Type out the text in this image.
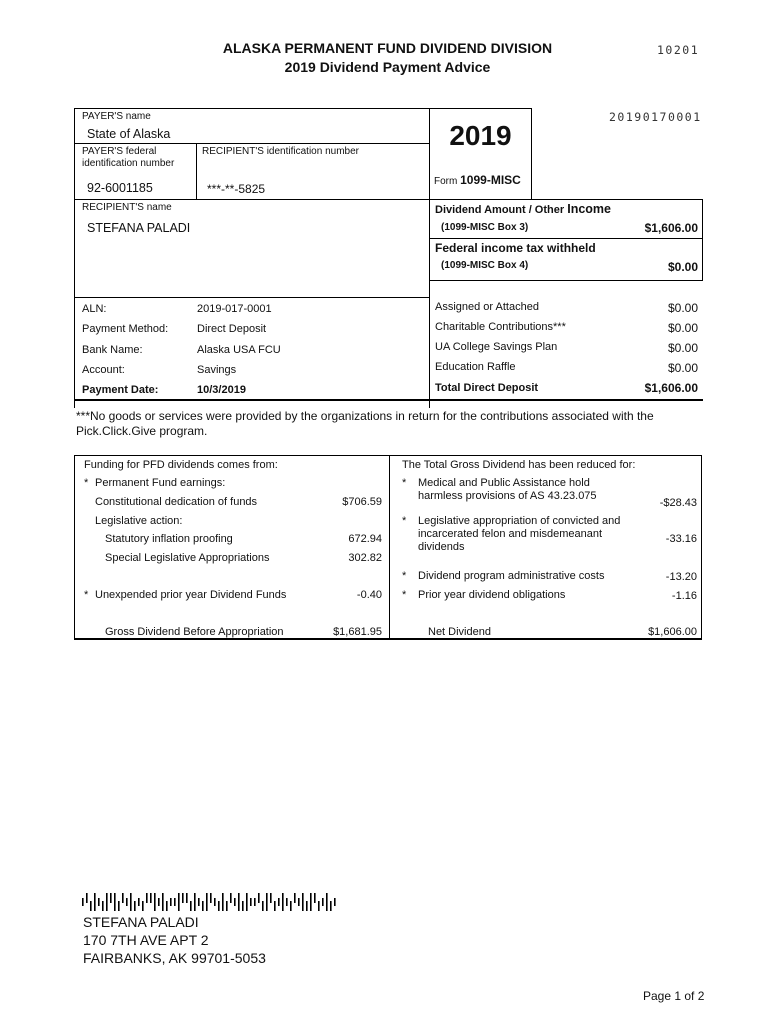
ALASKA PERMANENT FUND DIVIDEND DIVISION
2019 Dividend Payment Advice
10201
20190170001
PAYER'S name
State of Alaska
PAYER'S federal
identification number
92-6001185
RECIPIENT'S identification number
***-**-5825
2019
Form 1099-MISC
RECIPIENT'S name
STEFANA PALADI
Dividend Amount / Other Income
(1099-MISC Box 3)	$1,606.00
Federal income tax withheld
(1099-MISC Box 4)	$0.00
ALN:	2019-017-0001
Payment Method:	Direct Deposit
Bank Name:	Alaska USA FCU
Account:	Savings
Payment Date:	10/3/2019
Assigned or Attached	$0.00
Charitable Contributions***	$0.00
UA College Savings Plan	$0.00
Education Raffle	$0.00
Total Direct Deposit	$1,606.00
***No goods or services were provided by the organizations in return for the contributions associated with the
Pick.Click.Give program.
Funding for PFD dividends comes from:
* Permanent Fund earnings:
Constitutional dedication of funds	$706.59
Legislative action:
Statutory inflation proofing	672.94
Special Legislative Appropriations	302.82
* Unexpended prior year Dividend Funds	-0.40
Gross Dividend Before Appropriation	$1,681.95
The Total Gross Dividend has been reduced for:
* Medical and Public Assistance hold
harmless provisions of AS 43.23.075
-$28.43
* Legislative appropriation of convicted and
incarcerated felon and misdemeanant
dividends
-33.16
* Dividend program administrative costs	-13.20
* Prior year dividend obligations	-1.16
Net Dividend	$1,606.00
STEFANA PALADI
170 7TH AVE APT 2
FAIRBANKS, AK 99701-5053
Page 1 of 2
